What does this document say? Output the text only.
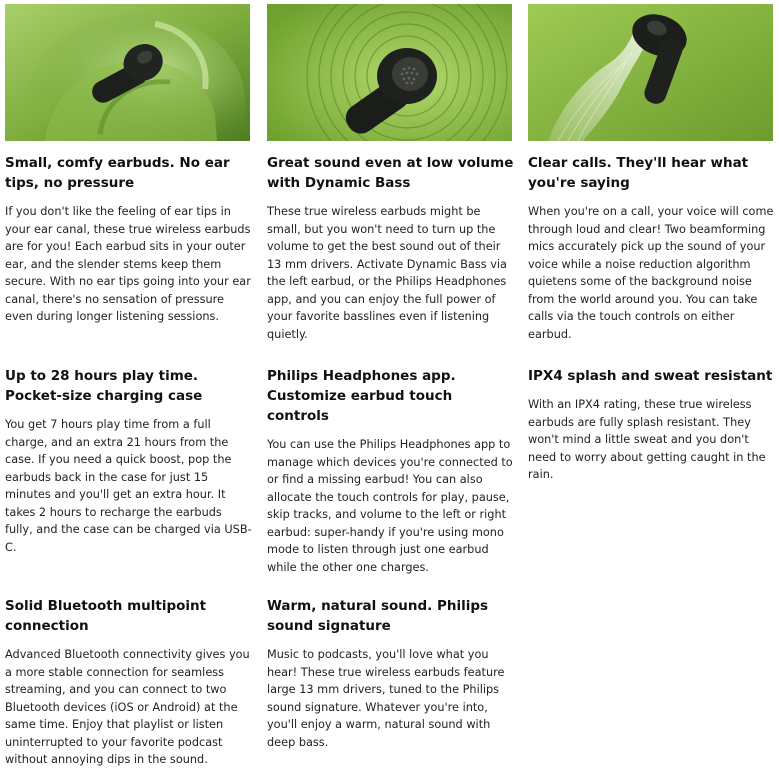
Small, comfy earbuds. No ear tips, no pressure

If you don't like the feeling of ear tips in your ear canal, these true wireless earbuds are for you! Each earbud sits in your outer ear, and the slender stems keep them secure. With no ear tips going into your ear canal, there's no sensation of pressure even during longer listening sessions.

Great sound even at low volume with Dynamic Bass

These true wireless earbuds might be small, but you won't need to turn up the volume to get the best sound out of their 13 mm drivers. Activate Dynamic Bass via the left earbud, or the Philips Headphones app, and you can enjoy the full power of your favorite basslines even if listening quietly.

Clear calls. They'll hear what you're saying

When you're on a call, your voice will come through loud and clear! Two beamforming mics accurately pick up the sound of your voice while a noise reduction algorithm quietens some of the background noise from the world around you. You can take calls via the touch controls on either earbud.

Up to 28 hours play time. Pocket-size charging case

You get 7 hours play time from a full charge, and an extra 21 hours from the case. If you need a quick boost, pop the earbuds back in the case for just 15 minutes and you'll get an extra hour. It takes 2 hours to recharge the earbuds fully, and the case can be charged via USB-C.

Philips Headphones app. Customize earbud touch controls

You can use the Philips Headphones app to manage which devices you're connected to or find a missing earbud! You can also allocate the touch controls for play, pause, skip tracks, and volume to the left or right earbud: super-handy if you're using mono mode to listen through just one earbud while the other one charges.

IPX4 splash and sweat resistant

With an IPX4 rating, these true wireless earbuds are fully splash resistant. They won't mind a little sweat and you don't need to worry about getting caught in the rain.

Solid Bluetooth multipoint connection

Advanced Bluetooth connectivity gives you a more stable connection for seamless streaming, and you can connect to two Bluetooth devices (iOS or Android) at the same time. Enjoy that playlist or listen uninterrupted to your favorite podcast without annoying dips in the sound.

Warm, natural sound. Philips sound signature

Music to podcasts, you'll love what you hear! These true wireless earbuds feature large 13 mm drivers, tuned to the Philips sound signature. Whatever you're into, you'll enjoy a warm, natural sound with deep bass.
